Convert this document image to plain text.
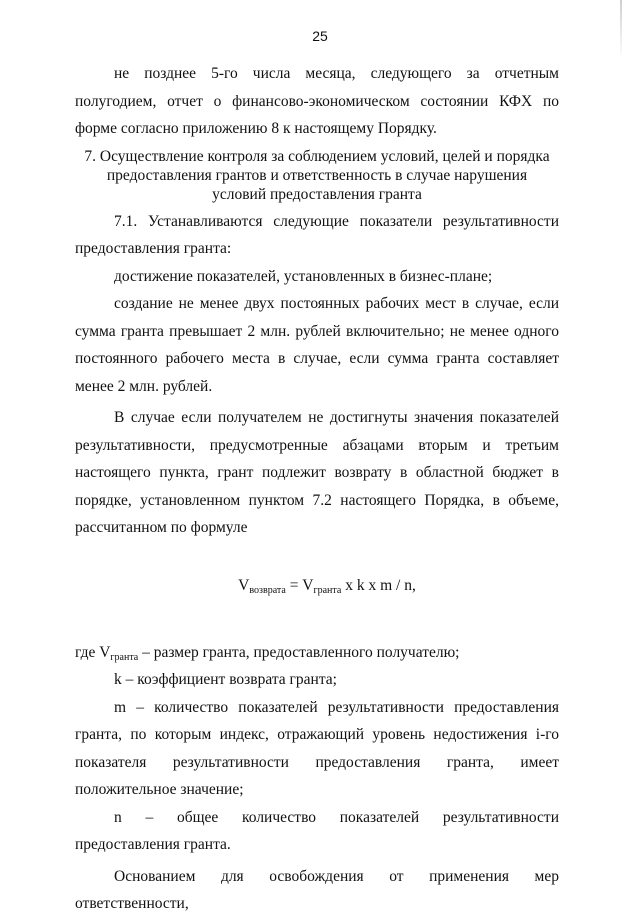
25

не позднее 5-го числа месяца, следующего за отчетным полугодием, отчет о финансово-экономическом состоянии КФХ по форме согласно приложению 8 к настоящему Порядку.

7. Осуществление контроля за соблюдением условий, целей и порядка предоставления грантов и ответственность в случае нарушения условий предоставления гранта

7.1. Устанавливаются следующие показатели результативности предоставления гранта:

достижение показателей, установленных в бизнес-плане;

создание не менее двух постоянных рабочих мест в случае, если сумма гранта превышает 2 млн. рублей включительно; не менее одного постоянного рабочего места в случае, если сумма гранта составляет менее 2 млн. рублей.

В случае если получателем не достигнуты значения показателей результативности, предусмотренные абзацами вторым и третьим настоящего пункта, грант подлежит возврату в областной бюджет в порядке, установленном пунктом 7.2 настоящего Порядка, в объеме, рассчитанном по формуле

$V_{возврата} = V_{гранта}$ x k x m / n,

где $V_{гранта}$ – размер гранта, предоставленного получателю;

k – коэффициент возврата гранта;

m – количество показателей результативности предоставления гранта, по которым индекс, отражающий уровень недостижения i-го показателя результативности предоставления гранта, имеет положительное значение;

n – общее количество показателей результативности предоставления гранта.

Основанием для освобождения от применения мер ответственности,
